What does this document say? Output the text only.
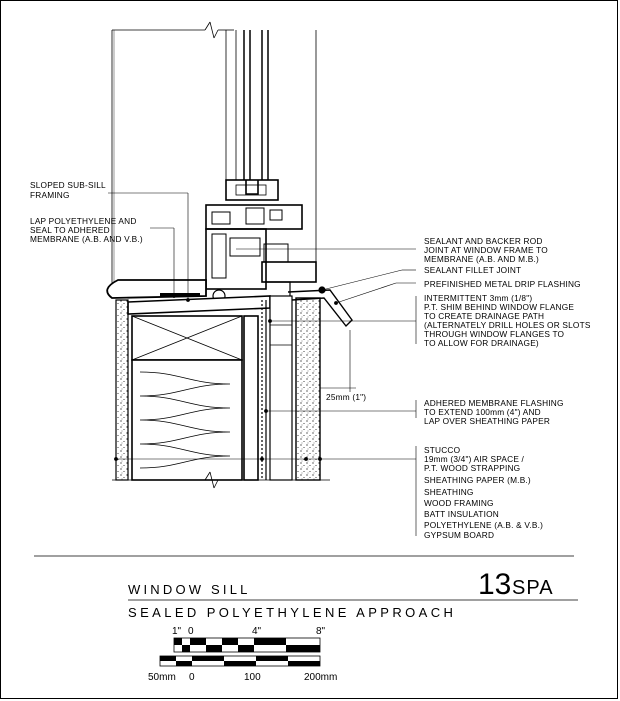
25mm (1")
SLOPED SUB-SILL
FRAMING
LAP POLYETHYLENE AND
SEAL TO ADHERED
MEMBRANE (A.B. AND V.B.)	SEALANT AND BACKER ROD
JOINT AT WINDOW FRAME TO
MEMBRANE (A.B. AND M.B.)
SEALANT FILLET JOINT
PREFINISHED METAL DRIP FLASHING
INTERMITTENT 3mm (1/8")
P.T. SHIM BEHIND WINDOW FLANGE
TO CREATE DRAINAGE PATH
(ALTERNATELY DRILL HOLES OR SLOTS
THROUGH WINDOW FLANGES TO
TO ALLOW FOR DRAINAGE)
ADHERED MEMBRANE FLASHING
TO EXTEND 100mm (4") AND
LAP OVER SHEATHING PAPER
STUCCO
19mm (3/4") AIR SPACE /
P.T. WOOD STRAPPING
SHEATHING PAPER (M.B.)
SHEATHING
WOOD FRAMING
BATT INSULATION
POLYETHYLENE (A.B. & V.B.)
GYPSUM BOARD
WINDOW SILL
SEALED POLYETHYLENE APPROACH
13 SPA
1" 0	4"	8"
50mm 0	100	200mm
